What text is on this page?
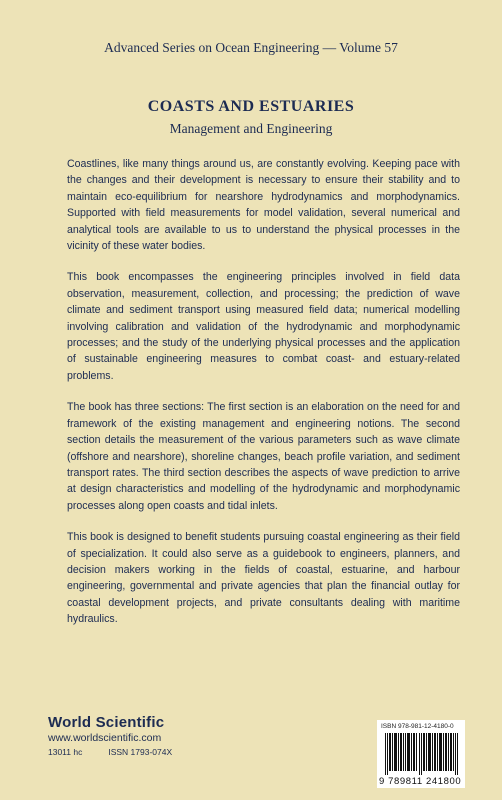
Advanced Series on Ocean Engineering — Volume 57
COASTS AND ESTUARIES
Management and Engineering

Coastlines, like many things around us, are constantly evolving. Keeping pace with the changes and their development is necessary to ensure their stability and to maintain eco-equilibrium for nearshore hydrodynamics and morphodynamics. Supported with field measurements for model validation, several numerical and analytical tools are available to us to understand the physical processes in the vicinity of these water bodies.

This book encompasses the engineering principles involved in field data observation, measurement, collection, and processing; the prediction of wave climate and sediment transport using measured field data; numerical modelling involving calibration and validation of the hydrodynamic and morphodynamic processes; and the study of the underlying physical processes and the application of sustainable engineering measures to combat coast- and estuary-related problems.

The book has three sections: The first section is an elaboration on the need for and framework of the existing management and engineering notions. The second section details the measurement of the various parameters such as wave climate (offshore and nearshore), shoreline changes, beach profile variation, and sediment transport rates. The third section describes the aspects of wave prediction to arrive at design characteristics and modelling of the hydrodynamic and morphodynamic processes along open coasts and tidal inlets.

This book is designed to benefit students pursuing coastal engineering as their field of specialization. It could also serve as a guidebook to engineers, planners, and decision makers working in the fields of coastal, estuarine, and harbour engineering, governmental and private agencies that plan the financial outlay for coastal development projects, and private consultants dealing with maritime hydraulics.

World Scientific
www.worldscientific.com
13011 hc	ISSN 1793-074X
ISBN 978-981-12-4180-0
9 789811 241800
